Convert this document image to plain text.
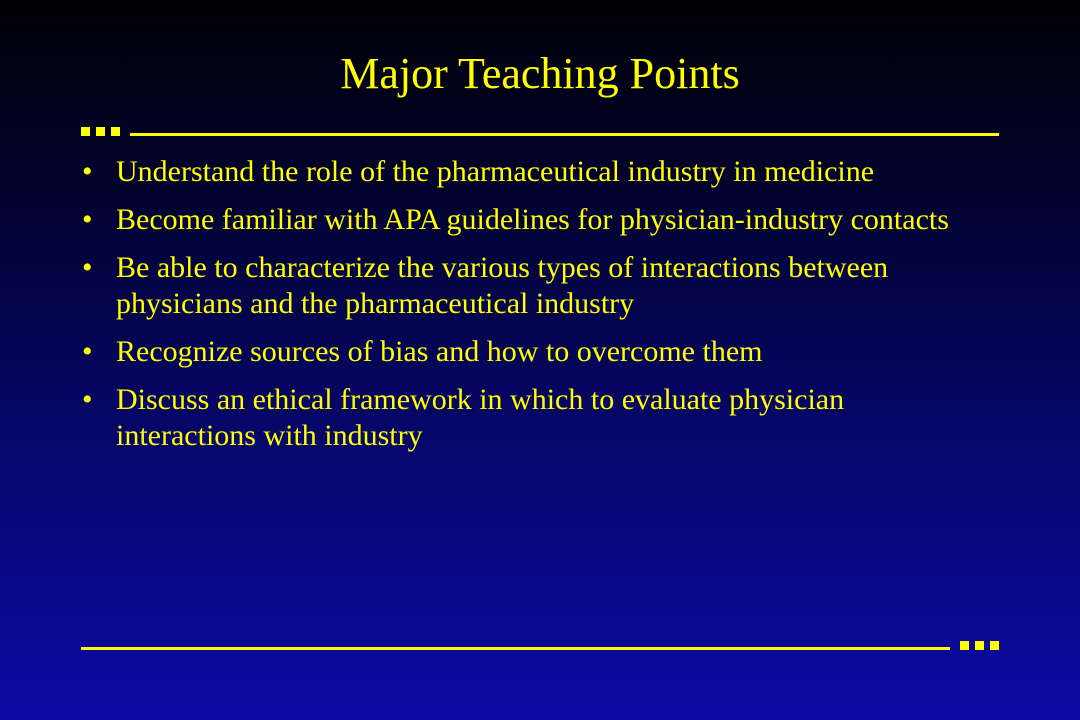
Major Teaching Points
• Understand the role of the pharmaceutical industry in medicine
• Become familiar with APA guidelines for physician-industry contacts
• Be able to characterize the various types of interactions between physicians and the pharmaceutical industry
• Recognize sources of bias and how to overcome them
• Discuss an ethical framework in which to evaluate physician interactions with industry
